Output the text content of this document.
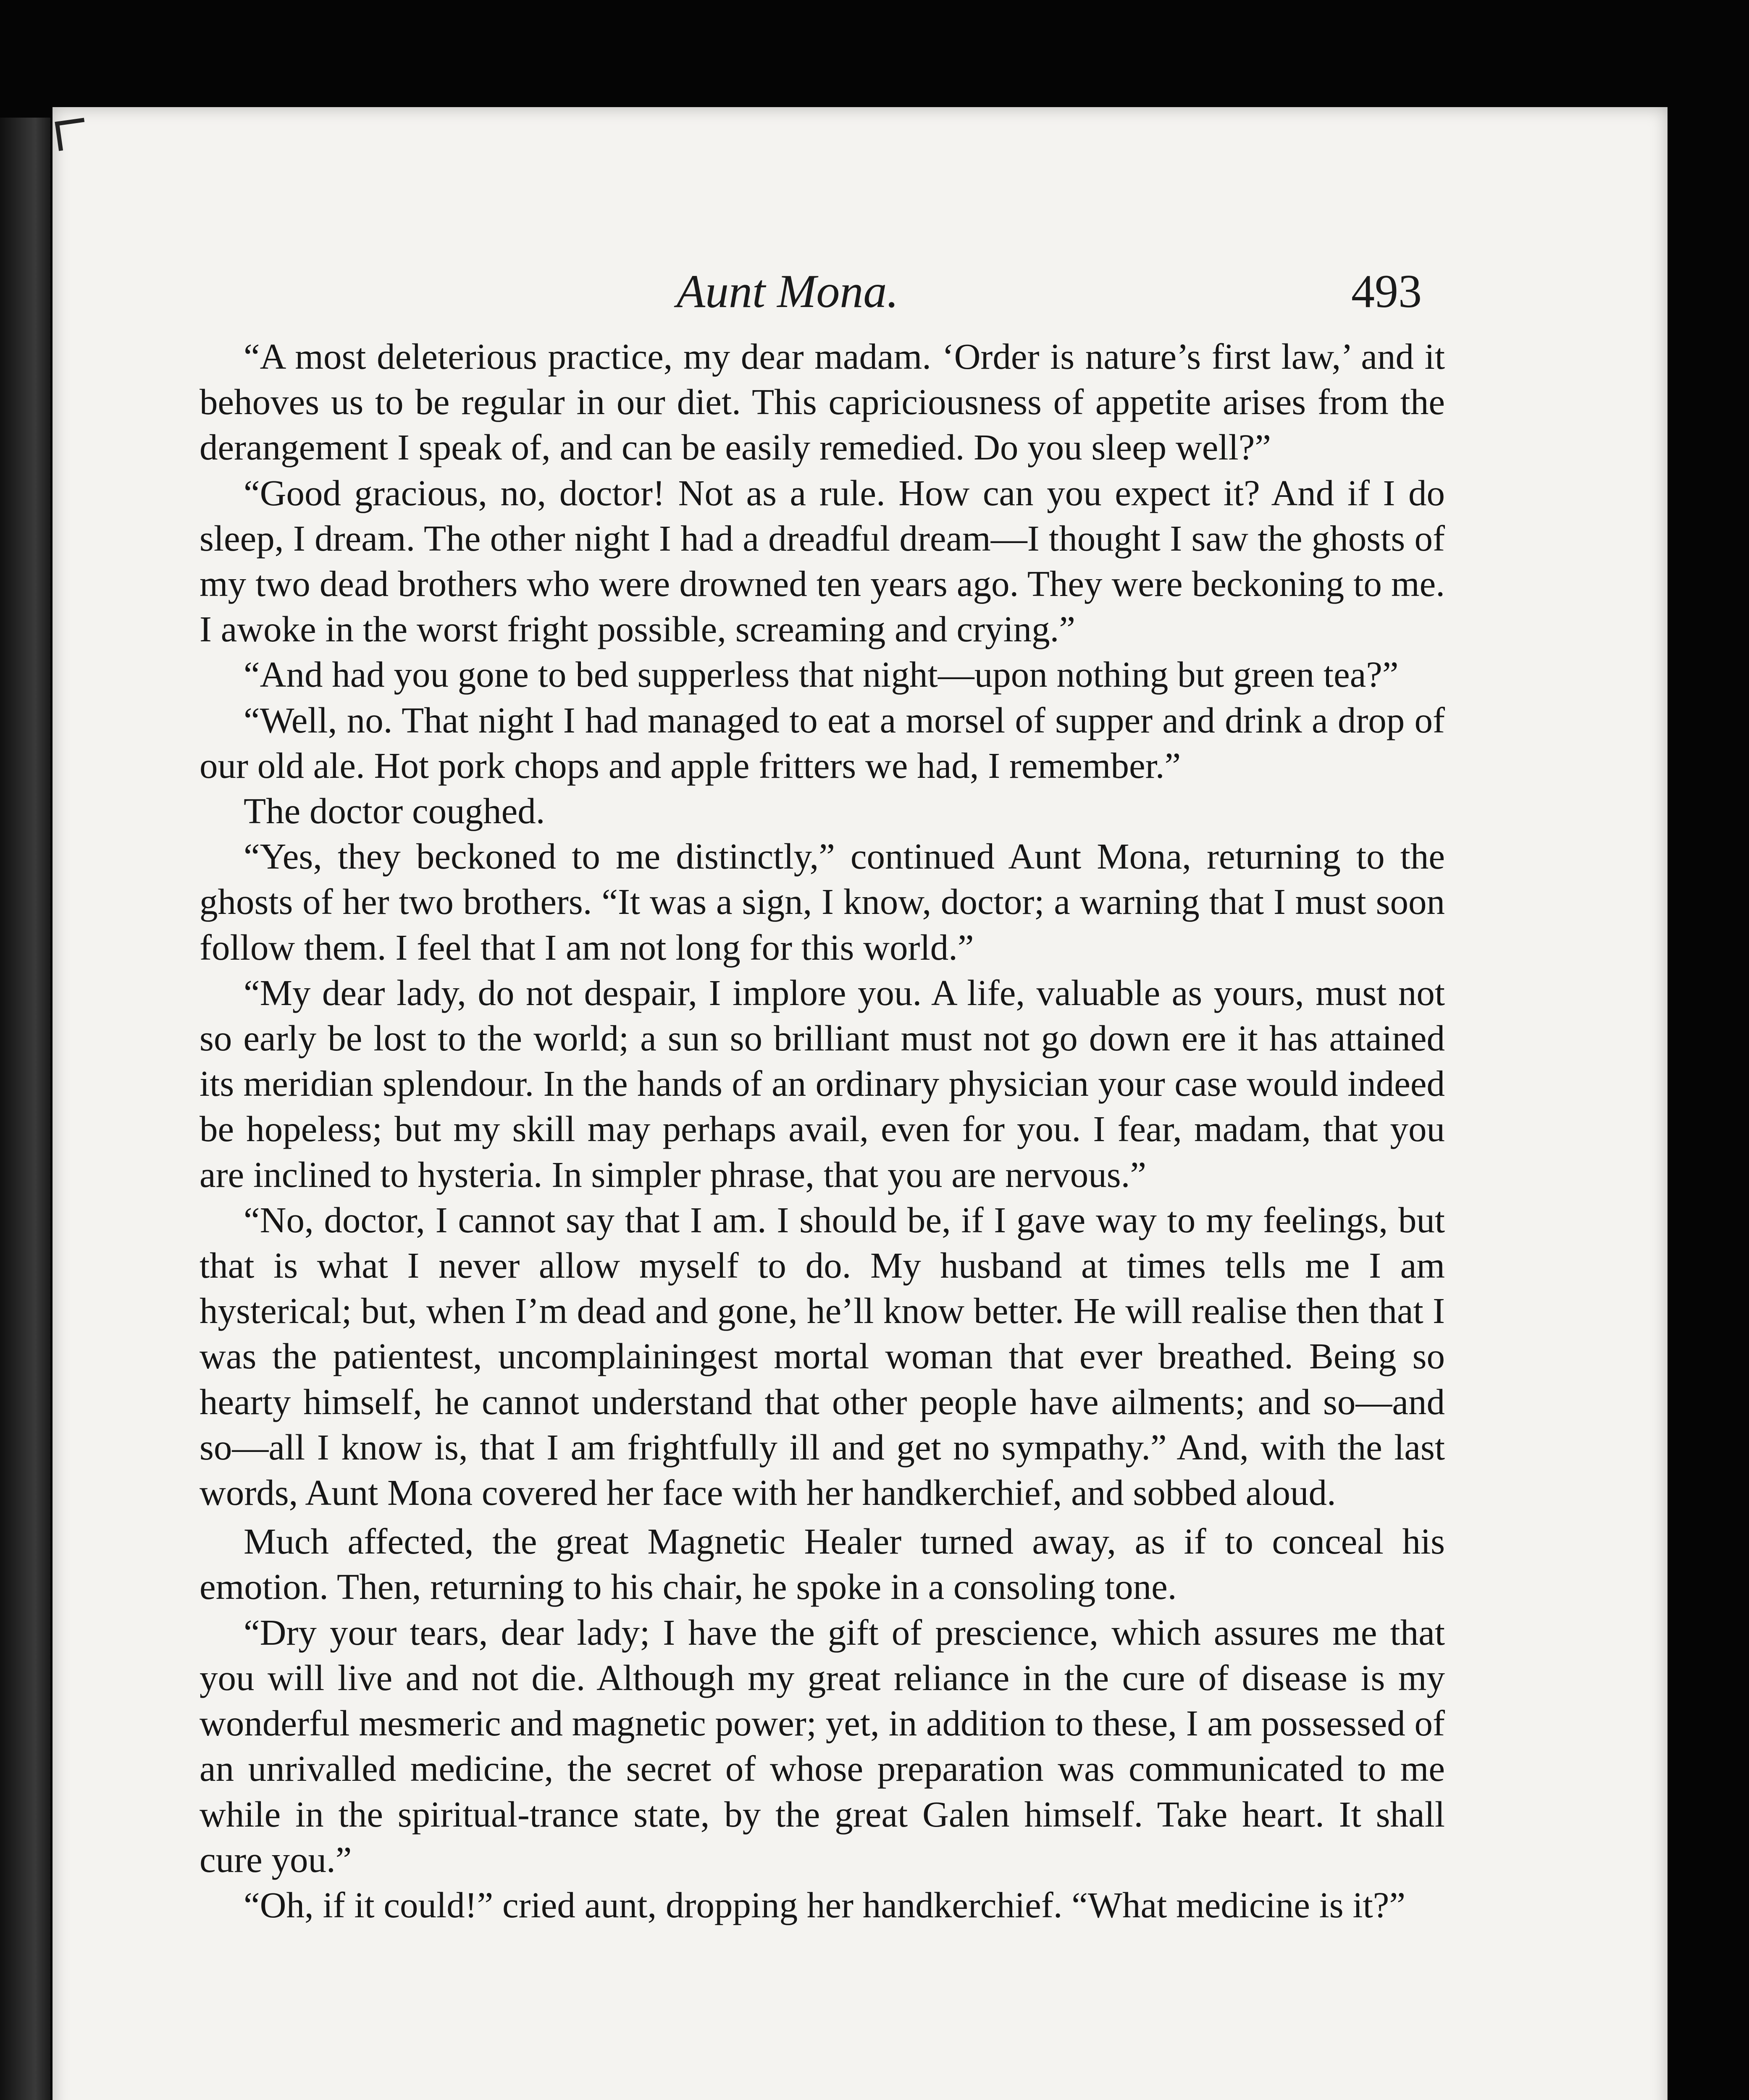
Aunt Mona.	493

“A most deleterious practice, my dear madam. ‘Order is nature’s first law,’ and it behoves us to be regular in our diet. This capriciousness of appetite arises from the derangement I speak of, and can be easily remedied. Do you sleep well?”

“Good gracious, no, doctor! Not as a rule. How can you expect it? And if I do sleep, I dream. The other night I had a dreadful dream—I thought I saw the ghosts of my two dead brothers who were drowned ten years ago. They were beckoning to me. I awoke in the worst fright possible, screaming and crying.”

“And had you gone to bed supperless that night—upon nothing but green tea?”

“Well, no. That night I had managed to eat a morsel of supper and drink a drop of our old ale. Hot pork chops and apple fritters we had, I remember.”

The doctor coughed.

“Yes, they beckoned to me distinctly,” continued Aunt Mona, returning to the ghosts of her two brothers. “It was a sign, I know, doctor; a warning that I must soon follow them. I feel that I am not long for this world.”

“My dear lady, do not despair, I implore you. A life, valuable as yours, must not so early be lost to the world; a sun so brilliant must not go down ere it has attained its meridian splendour. In the hands of an ordinary physician your case would indeed be hopeless; but my skill may perhaps avail, even for you. I fear, madam, that you are inclined to hysteria. In simpler phrase, that you are nervous.”

“No, doctor, I cannot say that I am. I should be, if I gave way to my feelings, but that is what I never allow myself to do. My husband at times tells me I am hysterical; but, when I’m dead and gone, he’ll know better. He will realise then that I was the patientest, uncomplainingest mortal woman that ever breathed. Being so hearty himself, he cannot understand that other people have ailments; and so—and so—all I know is, that I am frightfully ill and get no sympathy.” And, with the last words, Aunt Mona covered her face with her handkerchief, and sobbed aloud.

Much affected, the great Magnetic Healer turned away, as if to conceal his emotion. Then, returning to his chair, he spoke in a consoling tone.

“Dry your tears, dear lady; I have the gift of prescience, which assures me that you will live and not die. Although my great reliance in the cure of disease is my wonderful mesmeric and magnetic power; yet, in addition to these, I am possessed of an unrivalled medicine, the secret of whose preparation was communicated to me while in the spiritual-trance state, by the great Galen himself. Take heart. It shall cure you.”

“Oh, if it could!” cried aunt, dropping her handkerchief. “What medicine is it?”
